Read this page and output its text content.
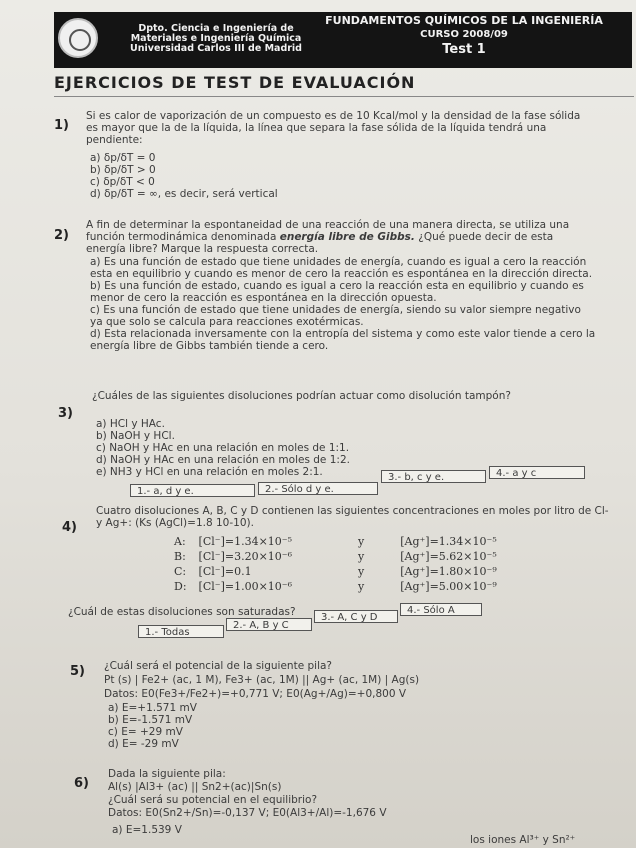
Dpto. Ciencia e Ingeniería de
Materiales e Ingeniería Química
Universidad Carlos III de Madrid
FUNDAMENTOS QUÍMICOS DE LA INGENIERÍA
CURSO 2008/09
Test 1
EJERCICIOS DE TEST DE EVALUACIÓN
1)
Si es calor de vaporización de un compuesto es de 10 Kcal/mol y la densidad de la fase sólida es mayor que la de la líquida, la línea que separa la fase sólida de la líquida tendrá una pendiente:
a) δp/δT = 0
b) δp/δT > 0
c) δp/δT < 0
d) δp/δT = ∞, es decir, será vertical
2)
A fin de determinar la espontaneidad de una reacción de una manera directa, se utiliza una función termodinámica denominada energía libre de Gibbs. ¿Qué puede decir de esta energía libre? Marque la respuesta correcta.
a) Es una función de estado que tiene unidades de energía, cuando es igual a cero la reacción esta en equilibrio y cuando es menor de cero la reacción es espontánea en la dirección directa.
b) Es una función de estado, cuando es igual a cero la reacción esta en equilibrio y cuando es menor de cero la reacción es espontánea en la dirección opuesta.
c) Es una función de estado que tiene unidades de energía, siendo su valor siempre negativo ya que solo se calcula para reacciones exotérmicas.
d) Esta relacionada inversamente con la entropía del sistema y como este valor tiende a cero la energía libre de Gibbs también tiende a cero.
3)
¿Cuáles de las siguientes disoluciones podrían actuar como disolución tampón?
a) HCl y HAc.
b) NaOH y HCl.
c) NaOH y HAc en una relación en moles de 1:1.
d) NaOH y HAc en una relación en moles de 1:2.
e) NH3 y HCl en una relación en moles 2:1.
1.- a, d y e.	2.- Sólo d y e.
3.- b, c y e.	4.- a y c
4)
Cuatro disoluciones A, B, C y D contienen las siguientes concentraciones en moles por litro de Cl- y Ag+: (Ks (AgCl)=1.8 10-10).
A:	[Cl⁻]=1.34×10⁻⁵	y	[Ag⁺]=1.34×10⁻⁵
B:	[Cl⁻]=3.20×10⁻⁶	y	[Ag⁺]=5.62×10⁻⁵
C:	[Cl⁻]=0.1	y	[Ag⁺]=1.80×10⁻⁹
D:	[Cl⁻]=1.00×10⁻⁶	y	[Ag⁺]=5.00×10⁻⁹
¿Cuál de estas disoluciones son saturadas?
1.- Todas
2.- A, B y C
3.- A, C y D
4.- Sólo A
5) ¿Cuál será el potencial de la siguiente pila?
Pt (s) | Fe2+ (ac, 1 M), Fe3+ (ac, 1M) || Ag+ (ac, 1M) | Ag(s)
Datos: E0(Fe3+/Fe2+)=+0,771 V; E0(Ag+/Ag)=+0,800 V
a) E=+1.571 mV
b) E=-1.571 mV
c) E= +29 mV
d) E= -29 mV
6)
Dada la siguiente pila:
Al(s) |Al3+ (ac) || Sn2+(ac)|Sn(s)
¿Cuál será su potencial en el equilibrio?
Datos: E0(Sn2+/Sn)=-0,137 V; E0(Al3+/Al)=-1,676 V
a) E=1.539 V
los iones Al³⁺ y Sn²⁺
